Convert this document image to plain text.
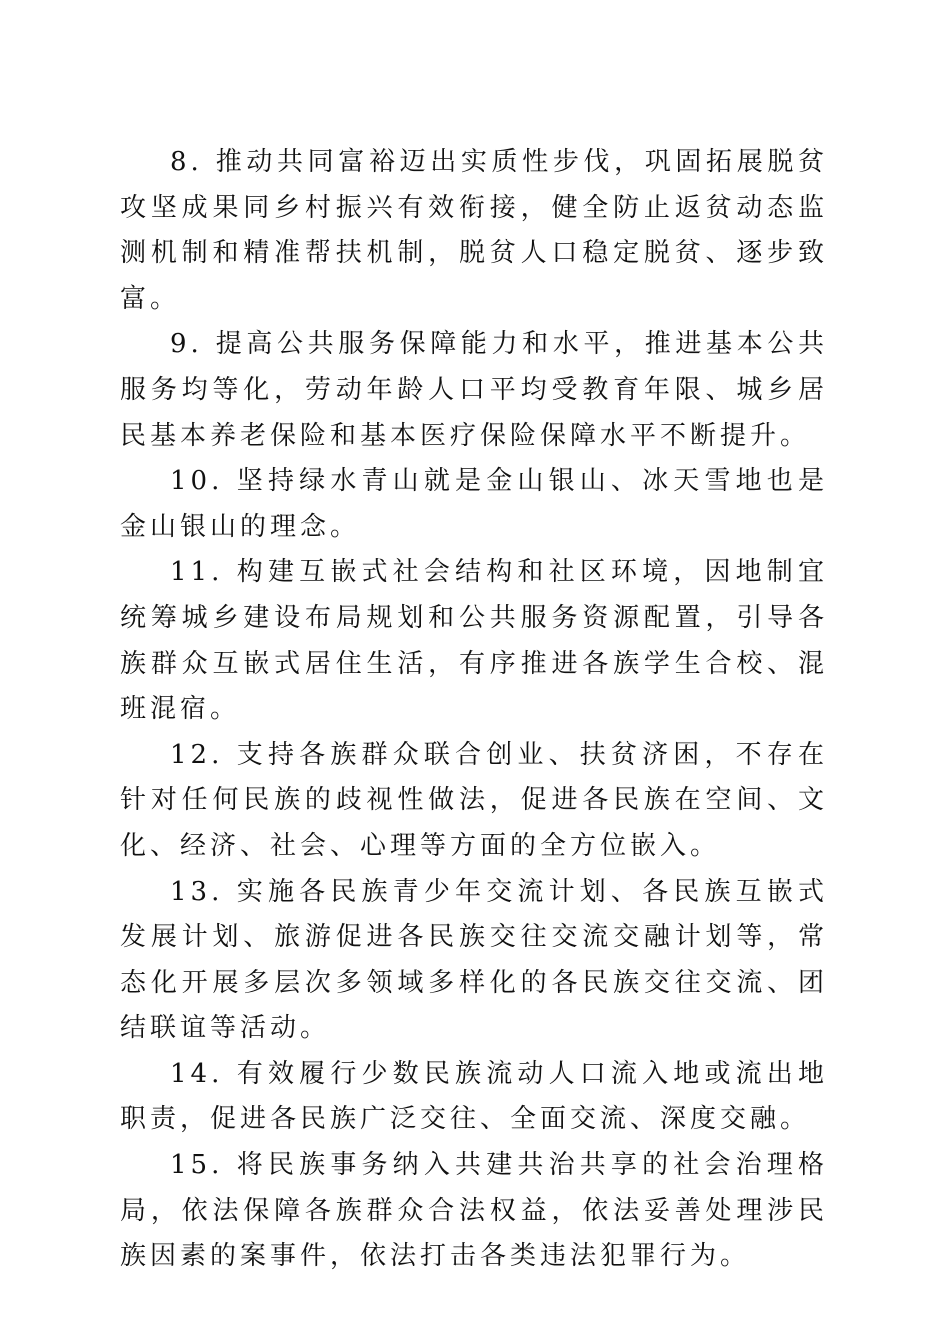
8. 推动共同富裕迈出实质性步伐，巩固拓展脱贫攻坚成果同乡村振兴有效衔接，健全防止返贫动态监测机制和精准帮扶机制，脱贫人口稳定脱贫、逐步致富。

9. 提高公共服务保障能力和水平，推进基本公共服务均等化，劳动年龄人口平均受教育年限、城乡居民基本养老保险和基本医疗保险保障水平不断提升。

10. 坚持绿水青山就是金山银山、冰天雪地也是金山银山的理念。

11. 构建互嵌式社会结构和社区环境，因地制宜统筹城乡建设布局规划和公共服务资源配置，引导各族群众互嵌式居住生活，有序推进各族学生合校、混班混宿。

12. 支持各族群众联合创业、扶贫济困，不存在针对任何民族的歧视性做法，促进各民族在空间、文化、经济、社会、心理等方面的全方位嵌入。

13. 实施各民族青少年交流计划、各民族互嵌式发展计划、旅游促进各民族交往交流交融计划等，常态化开展多层次多领域多样化的各民族交往交流、团结联谊等活动。

14. 有效履行少数民族流动人口流入地或流出地职责，促进各民族广泛交往、全面交流、深度交融。

15. 将民族事务纳入共建共治共享的社会治理格局，依法保障各族群众合法权益，依法妥善处理涉民族因素的案事件，依法打击各类违法犯罪行为。
